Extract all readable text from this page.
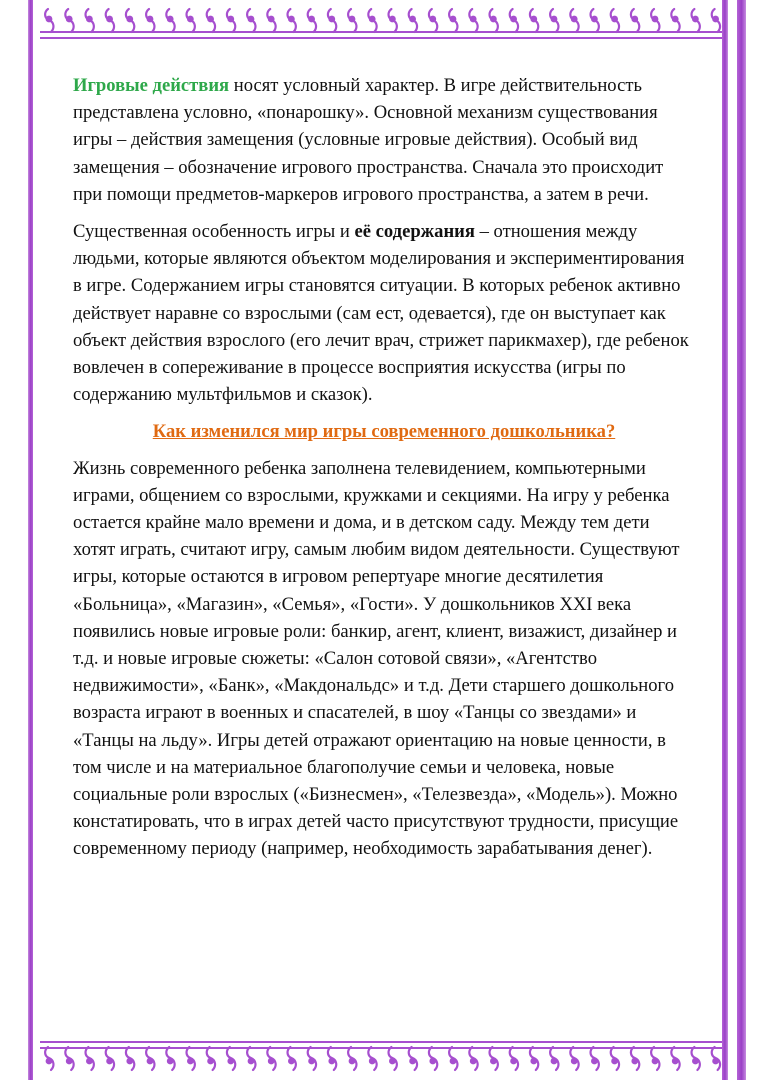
Игровые действия носят условный характер. В игре действительность представлена условно, «понарошку». Основной механизм существования игры – действия замещения (условные игровые действия). Особый вид замещения – обозначение игрового пространства. Сначала это происходит при помощи предметов-маркеров игрового пространства, а затем в речи.

Существенная особенность игры и её содержания – отношения между людьми, которые являются объектом моделирования и экспериментирования в игре. Содержанием игры становятся ситуации. В которых ребенок активно действует наравне со взрослыми (сам ест, одевается), где он выступает как объект действия взрослого (его лечит врач, стрижет парикмахер), где ребенок вовлечен в сопереживание в процессе восприятия искусства (игры по содержанию мультфильмов и сказок).

Как изменился мир игры современного дошкольника?

Жизнь современного ребенка заполнена телевидением, компьютерными играми, общением со взрослыми, кружками и секциями. На игру у ребенка остается крайне мало времени и дома, и в детском саду. Между тем дети хотят играть, считают игру, самым любим видом деятельности. Существуют игры, которые остаются в игровом репертуаре многие десятилетия «Больница», «Магазин», «Семья», «Гости». У дошкольников XXI века появились новые игровые роли: банкир, агент, клиент, визажист, дизайнер и т.д. и новые игровые сюжеты: «Салон сотовой связи», «Агентство недвижимости», «Банк», «Макдональдс» и т.д. Дети старшего дошкольного возраста играют в военных и спасателей, в шоу «Танцы со звездами» и «Танцы на льду». Игры детей отражают ориентацию на новые ценности, в том числе и на материальное благополучие семьи и человека, новые социальные роли взрослых («Бизнесмен», «Телезвезда», «Модель»). Можно констатировать, что в играх детей часто присутствуют трудности, присущие современному периоду (например, необходимость зарабатывания денег).
